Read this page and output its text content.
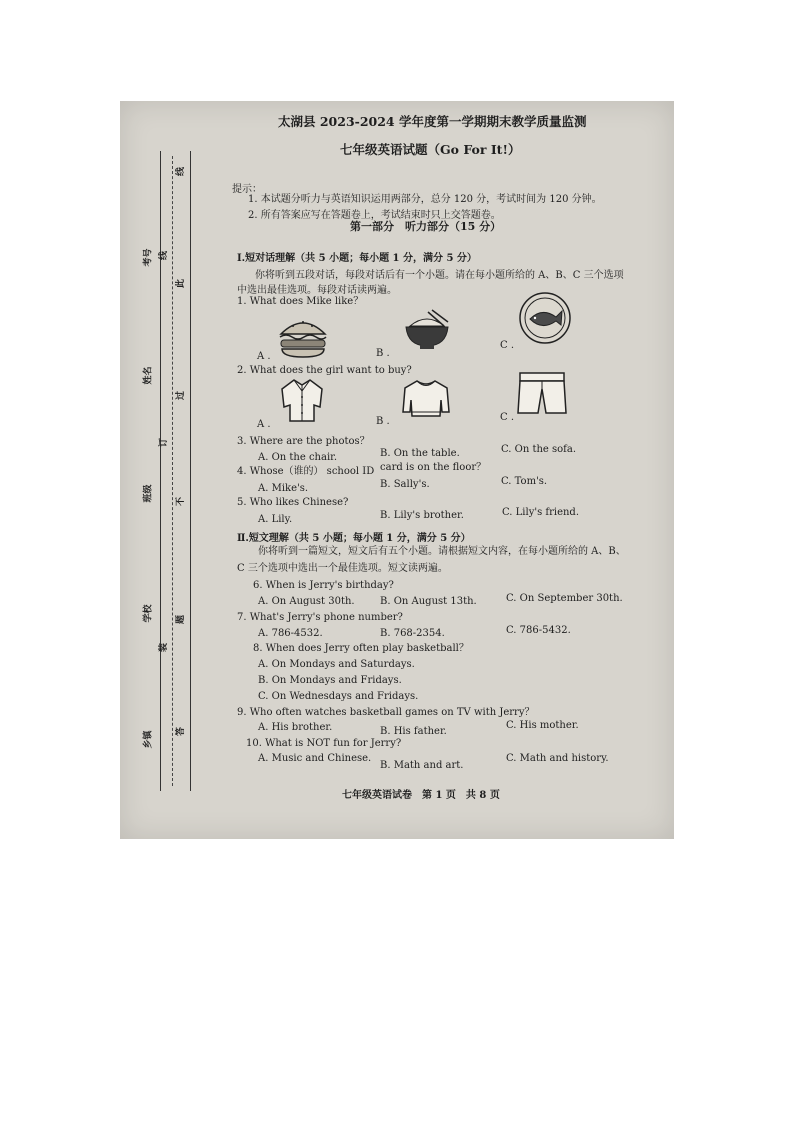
考号
姓名
班级
学校
乡镇
线
订
装
线
此
过
不
题
答
太湖县 2023-2024 学年度第一学期期末教学质量监测
七年级英语试题（Go For It!）
提示：
1. 本试题分听力与英语知识运用两部分，总分 120 分，考试时间为 120 分钟。
2. 所有答案应写在答题卷上，考试结束时只上交答题卷。
第一部分　听力部分（15 分）
Ⅰ.短对话理解（共 5 小题；每小题 1 分，满分 5 分）
你将听到五段对话，每段对话后有一个小题。请在每小题所给的 A、B、C 三个选项
中选出最佳选项。每段对话读两遍。
1. What does Mike like？
A .	B .
C .
2. What does the girl want to buy?
A .	B .	C .
3. Where are the photos？
A. On the chair.	B. On the table.	C. On the sofa.
4. Whose（谁的） school ID card is on the floor？
A. Mike's.	B. Sally's.	C. Tom's.
5. Who likes Chinese?
A. Lily.	B. Lily's brother.	C. Lily's friend.
Ⅱ.短文理解（共 5 小题；每小题 1 分，满分 5 分）
你将听到一篇短文，短文后有五个小题。请根据短文内容，在每小题所给的 A、B、
C 三个选项中选出一个最佳选项。短文读两遍。
6. When is Jerry's birthday?
A. On August 30th.	B. On August 13th.	C. On September 30th.
7. What's Jerry's phone number?
A. 786-4532.	B. 768-2354.	C. 786-5432.
8. When does Jerry often play basketball？
A. On Mondays and Saturdays.
B. On Mondays and Fridays.
C. On Wednesdays and Fridays.
9. Who often watches basketball games on TV with Jerry？
A. His brother.	B. His father.
C. His mother.
10. What is NOT fun for Jerry?
A. Music and Chinese.
B. Math and art.
C. Math and history.
七年级英语试卷　第 1 页　共 8 页
